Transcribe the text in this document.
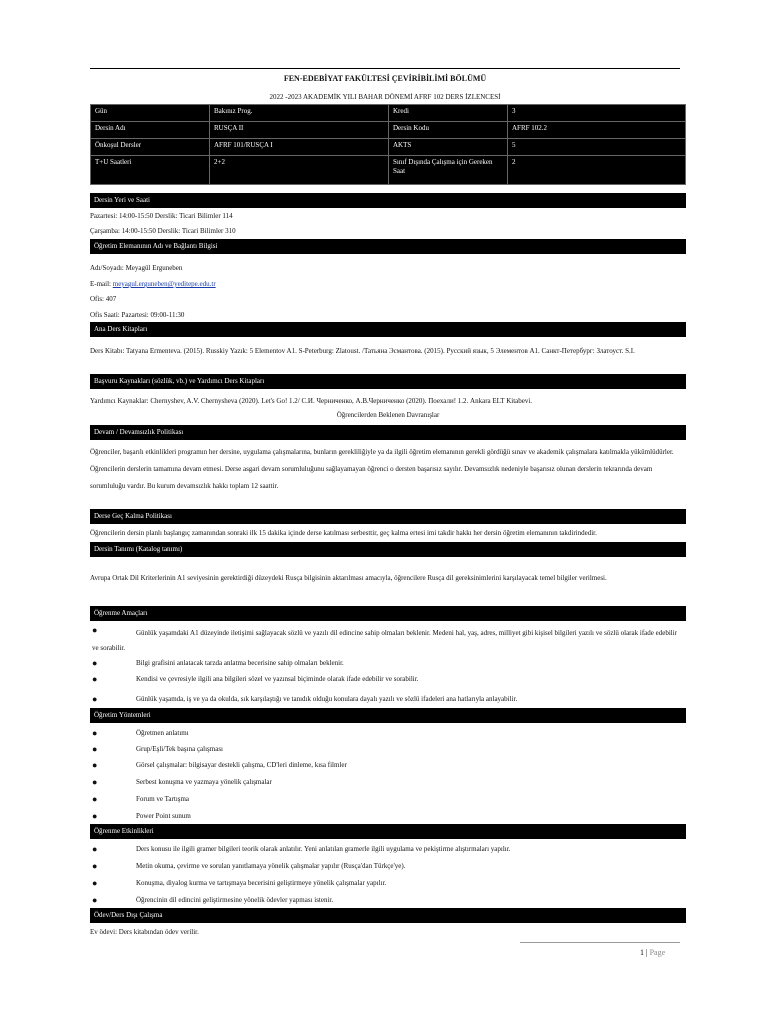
FEN-EDEBİYAT FAKÜLTESİ ÇEVİRİBİLİMİ BÖLÜMÜ
2022 -2023 AKADEMİK YILI BAHAR DÖNEMİ AFRF 102 DERS İZLENCESİ
Gün	Bakınız Prog.	Kredi	3
Dersin Adı	RUSÇA II	Dersin Kodu	AFRF 102.2
Önkoşul Dersler	AFRF 101/RUSÇA I	AKTS	5
T+U Saatleri	2+2	Sınıf Dışında Çalışma için Gereken Saat	2
Dersin Yeri ve Saati
Pazartesi: 14:00-15:50 Derslik: Ticari Bilimler 114
Çarşamba: 14:00-15:50 Derslik: Ticari Bilimler 310
Öğretim Elemanının Adı ve Bağlantı Bilgisi
Adı/Soyadı: Meyagül Erguneben
E-mail: meyagul.erguneben@yeditepe.edu.tr
Ofis: 407
Ofis Saati: Pazartesi: 09:00-11:30
Ana Ders Kitapları
Ders Kitabı: Tatyana Ermenteva. (2015). Russkiy Yazık: 5 Elementov A1. S-Peterburg: Zlatoust. /Татьяна Эсмантова. (2015). Русский язык, 5 Элементов А1. Санкт-Петербург: Златоуст. S.I.
Başvuru Kaynakları (sözlük, vb.) ve Yardımcı Ders Kitapları
Yardımcı Kaynaklar: Chernyshev, A.V. Chernysheva (2020). Let's Go! 1.2/ С.И. Черниченко, А.В.Черниченко (2020). Поехали! 1.2. Ankara ELT Kitabevi.
Öğrencilerden Beklenen Davranışlar
Devam / Devamsızlık Politikası
Öğrenciler, başarılı etkinlikleri programın her dersine, uygulama çalışmalarına, bunların gerekliliğiyle ya da ilgili öğretim elemanının gerekli gördüğü sınav ve akademik çalışmalara katılmakla yükümlüdürler. Öğrencilerin derslerin tamamına devam etmesi. Derse asgari devam sorumluluğunu sağlayamayan öğrenci o dersten başarısız sayılır. Devamsızlık nedeniyle başarısız olunan derslerin tekrarında devam sorumluluğu vardır. Bu kurum devamsızlık hakkı toplam 12 saattir.
Derse Geç Kalma Politikası
Öğrencilerin dersin planlı başlangıç zamanından sonraki ilk 15 dakika içinde derse katılması serbesttir, geç kalma ertesi imi takdir hakkı her dersin öğretim elemanının takdirindedir.
Dersin Tanımı (Katalog tanımı)
Avrupa Ortak Dil Kriterlerinin A1 seviyesinin gerektirdiği düzeydeki Rusça bilgisinin aktarılması amacıyla, öğrencilere Rusça dil gereksinimlerini karşılayacak temel bilgiler verilmesi.
Öğrenme Amaçları
●	Günlük yaşamdaki A1 düzeyinde iletişimi sağlayacak sözlü ve yazılı dil edincine sahip olmaları beklenir. Medeni hal, yaş, adres, milliyet gibi kişisel bilgileri yazılı ve sözlü olarak ifade edebilir ve sorabilir.
●	Bilgi grafisini anlatacak tarzda anlatma becerisine sahip olmaları beklenir.
●	Kendisi ve çevresiyle ilgili ana bilgileri sözel ve yazınsal biçiminde olarak ifade edebilir ve sorabilir.
●	Günlük yaşamda, iş ve ya da okulda, sık karşılaştığı ve tanıdık olduğu konulara dayalı yazılı ve sözlü ifadeleri ana hatlarıyla anlayabilir.
Öğretim Yöntemleri
●	Öğretmen anlatımı
●	Grup/Eşli/Tek başına çalışması
●	Görsel çalışmalar: bilgisayar destekli çalışma, CD'leri dinleme, kısa filmler
●	Serbest konuşma ve yazmaya yönelik çalışmalar
●	Forum ve Tartışma
●	Power Point sunum
Öğrenme Etkinlikleri
●	Ders konusu ile ilgili gramer bilgileri teorik olarak anlatılır. Yeni anlatılan gramerle ilgili uygulama ve pekiştirme alıştırmaları yapılır.
●	Metin okuma, çevirme ve sorulan yanıtlamaya yönelik çalışmalar yapılır (Rusça'dan Türkçe'ye).
●	Konuşma, diyalog kurma ve tartışmaya becerisini geliştirmeye yönelik çalışmalar yapılır.
●	Öğrencinin dil edincini geliştirmesine yönelik ödevler yapması istenir.
Ödev/Ders Dışı Çalışma
Ev ödevi: Ders kitabından ödev verilir.
1 | Page
